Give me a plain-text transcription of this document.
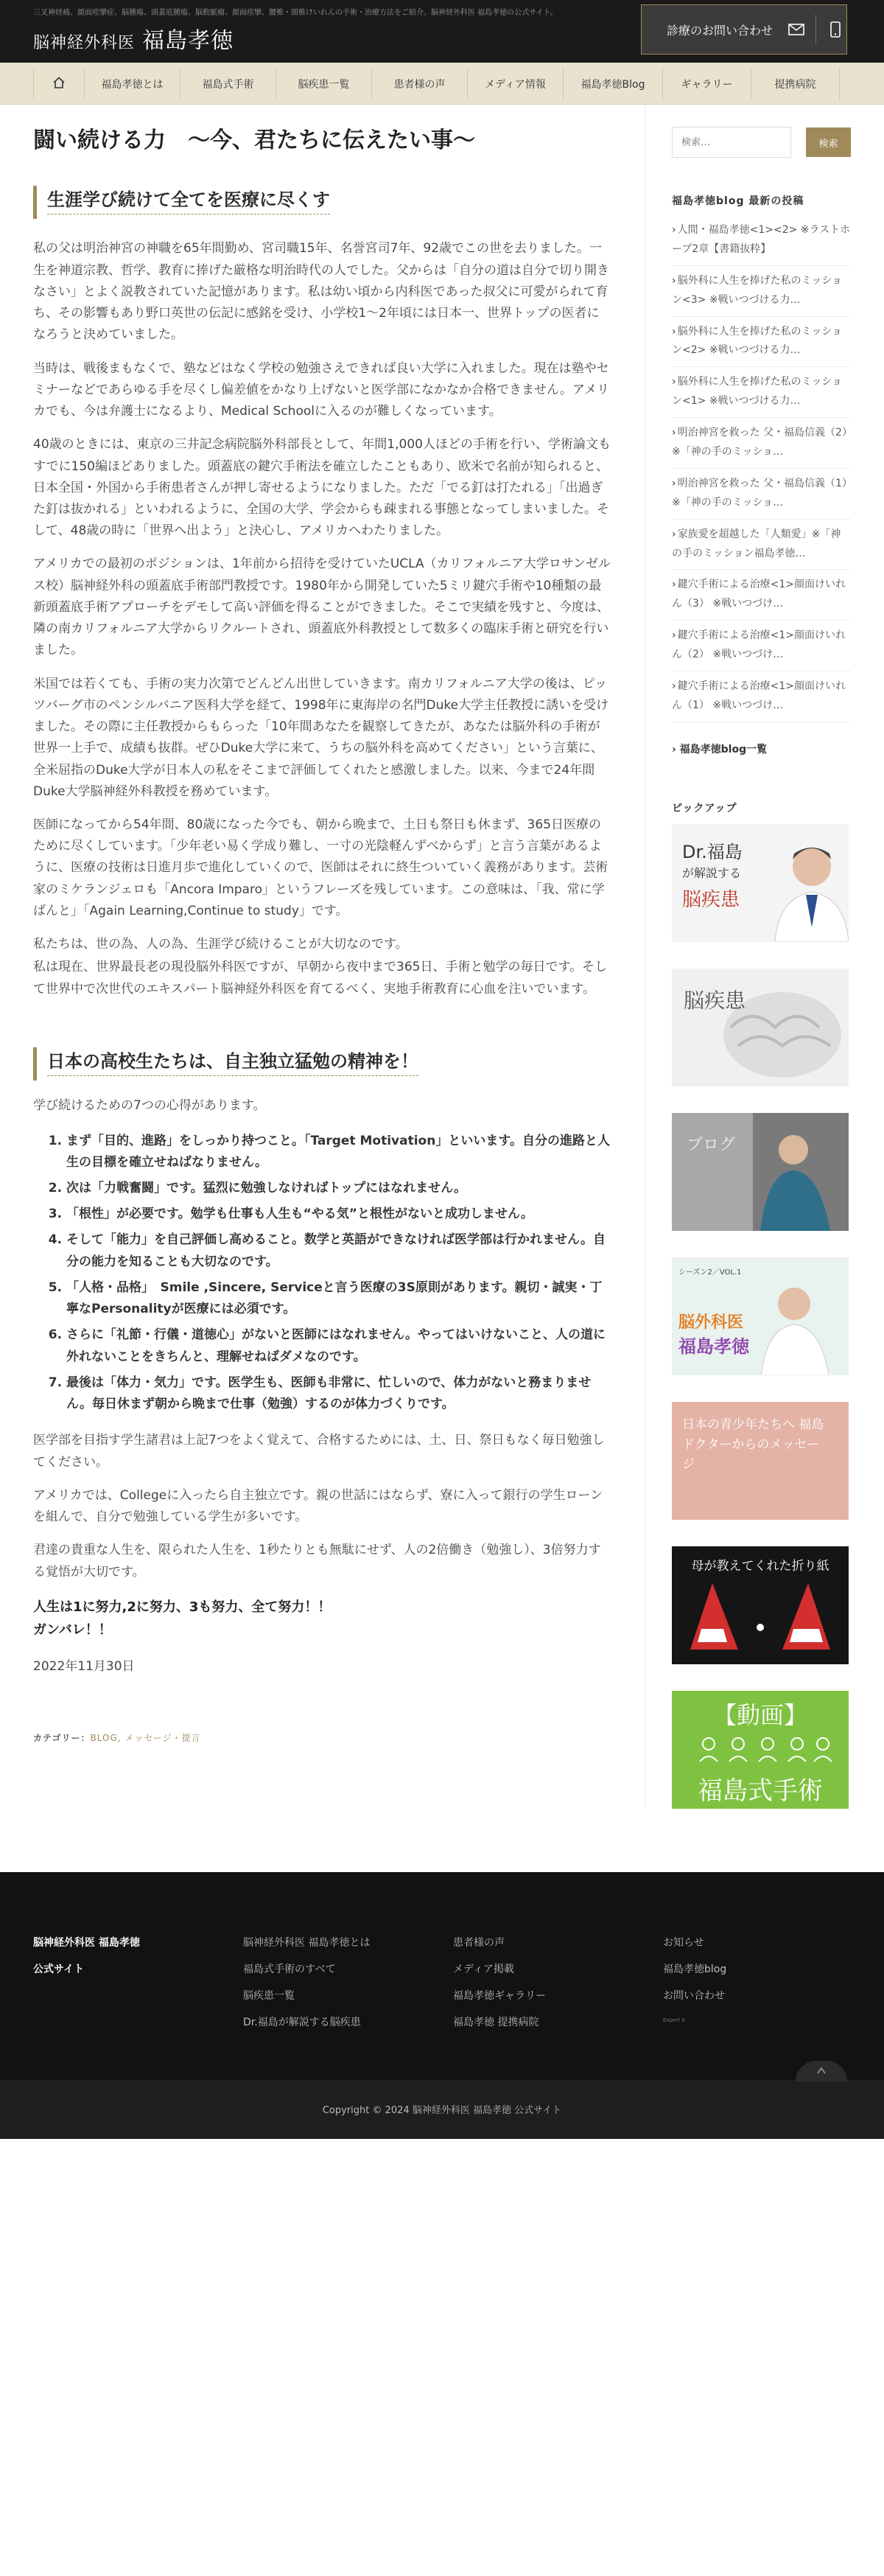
三叉神経痛、顔面痙攣症、脳腫瘍、頭蓋底腫瘍、脳動脈瘤、顔面痙攣、腰椎・頸椎けいれんの手術・治療方法をご紹介。脳神経外科医 福島孝徳の公式サイト。
脳神経外科医 福島孝徳	診療のお問い合わせ
福島孝徳とは	福島式手術	脳疾患一覧	患者様の声	メディア情報	福島孝徳Blog	ギャラリー	提携病院
闘い続ける力　～今、君たちに伝えたい事～
生涯学び続けて全てを医療に尽くす

私の父は明治神宮の神職を65年間勤め、宮司職15年、名誉宮司7年、92歳でこの世を去りました。一生を神道宗教、哲学、教育に捧げた厳格な明治時代の人でした。父からは「自分の道は自分で切り開きなさい」とよく説教されていた記憶があります。私は幼い頃から内科医であった叔父に可愛がられて育ち、その影響もあり野口英世の伝記に感銘を受け、小学校1～2年頃には日本一、世界トップの医者になろうと決めていました。

当時は、戦後まもなくで、塾などはなく学校の勉強さえできれば良い大学に入れました。現在は塾やセミナーなどであらゆる手を尽くし偏差値をかなり上げないと医学部になかなか合格できません。アメリカでも、今は弁護士になるより、Medical Schoolに入るのが難しくなっています。

40歳のときには、東京の三井記念病院脳外科部長として、年間1,000人ほどの手術を行い、学術論文もすでに150編ほどありました。頭蓋底の鍵穴手術法を確立したこともあり、欧米で名前が知られると、日本全国・外国から手術患者さんが押し寄せるようになりました。ただ「でる釘は打たれる」「出過ぎた釘は抜かれる」といわれるように、全国の大学、学会からも疎まれる事態となってしまいました。そして、48歳の時に「世界へ出よう」と決心し、アメリカへわたりました。

アメリカでの最初のポジションは、1年前から招待を受けていたUCLA（カリフォルニア大学ロサンゼルス校）脳神経外科の頭蓋底手術部門教授です。1980年から開発していた5ミリ鍵穴手術や10種類の最新頭蓋底手術アプローチをデモして高い評価を得ることができました。そこで実績を残すと、今度は、隣の南カリフォルニア大学からリクルートされ、頭蓋底外科教授として数多くの臨床手術と研究を行いました。

米国では若くても、手術の実力次第でどんどん出世していきます。南カリフォルニア大学の後は、ピッツバーグ市のペンシルバニア医科大学を経て、1998年に東海岸の名門Duke大学主任教授に誘いを受けました。その際に主任教授からもらった「10年間あなたを観察してきたが、あなたは脳外科の手術が世界一上手で、成績も抜群。ぜひDuke大学に来て、うちの脳外科を高めてください」という言葉に、全米屈指のDuke大学が日本人の私をそこまで評価してくれたと感激しました。以来、今まで24年間Duke大学脳神経外科教授を務めています。

医師になってから54年間、80歳になった今でも、朝から晩まで、土日も祭日も休まず、365日医療のために尽くしています。「少年老い易く学成り難し、一寸の光陰軽んずべからず」と言う言葉があるように、医療の技術は日進月歩で進化していくので、医師はそれに終生ついていく義務があります。芸術家のミケランジェロも「Ancora Imparo」というフレーズを残しています。この意味は、「我、常に学ばんと」「Again Learning,Continue to study」です。

私たちは、世の為、人の為、生涯学び続けることが大切なのです。

私は現在、世界最長老の現役脳外科医ですが、早朝から夜中まで365日、手術と勉学の毎日です。そして世界中で次世代のエキスパート脳神経外科医を育てるべく、実地手術教育に心血を注いでいます。

日本の高校生たちは、自主独立猛勉の精神を！

学び続けるための7つの心得があります。

1. まず「目的、進路」をしっかり持つこと。「Target Motivation」といいます。自分の進路と人生の目標を確立せねばなりません。
2. 次は「力戦奮闘」です。猛烈に勉強しなければトップにはなれません。
3. 「根性」が必要です。勉学も仕事も人生も“やる気”と根性がないと成功しません。
4. そして「能力」を自己評価し高めること。数学と英語ができなければ医学部は行かれません。自分の能力を知ることも大切なのです。
5. 「人格・品格」　Smile ,Sincere, Serviceと言う医療の3S原則があります。親切・誠実・丁寧なPersonalityが医療には必須です。
6. さらに「礼節・行儀・道徳心」がないと医師にはなれません。やってはいけないこと、人の道に外れないことをきちんと、理解せねばダメなのです。
7. 最後は「体力・気力」です。医学生も、医師も非常に、忙しいので、体力がないと務まりません。毎日休まず朝から晩まで仕事（勉強）するのが体力づくりです。

医学部を目指す学生諸君は上記7つをよく覚えて、合格するためには、土、日、祭日もなく毎日勉強してください。

アメリカでは、Collegeに入ったら自主独立です。親の世話にはならず、寮に入って銀行の学生ローンを組んで、自分で勉強している学生が多いです。

君達の貴重な人生を、限られた人生を、1秒たりとも無駄にせず、人の2倍働き（勉強し）、3倍努力する覚悟が大切です。

人生は1に努力,2に努力、3も努力、全て努力！！

ガンバレ！！

2022年11月30日

カテゴリー：BLOG, メッセージ・提言

検索…
検索
福島孝徳blog 最新の投稿
› 人間・福島孝徳<1><2> ※ラストホープ2章【書籍抜粋】
› 脳外科に人生を捧げた私のミッション<3> ※戦いつづける力…
› 脳外科に人生を捧げた私のミッション<2> ※戦いつづける力…
› 脳外科に人生を捧げた私のミッション<1> ※戦いつづける力…
› 明治神宮を救った 父・福島信義（2）※「神の手のミッショ…
› 明治神宮を救った 父・福島信義（1）※「神の手のミッショ…
› 家族愛を超越した「人類愛」※「神の手のミッション福島孝徳…
› 鍵穴手術による治療<1>顔面けいれん（3） ※戦いつづけ…
› 鍵穴手術による治療<1>顔面けいれん（2） ※戦いつづけ…
› 鍵穴手術による治療<1>顔面けいれん（1） ※戦いつづけ…
› 福島孝徳blog一覧
ピックアップ
Dr.福島
が解説する
脳疾患
脳疾患
ブログ
シーズン2／VOL.1
脳外科医
福島孝徳
日本の青少年たちへ 福島ドクターからのメッセージ
母が教えてくれた折り紙
【動画】
福島式手術
脳神経外科医 福島孝徳
公式サイト
脳神経外科医 福島孝徳とは
福島式手術のすべて
脳疾患一覧
Dr.福島が解説する脳疾患
患者様の声
メディア掲載
福島孝徳ギャラリー
福島孝徳 提携病院
お知らせ
福島孝徳blog
お問い合わせ
Expert X
Copyright © 2024 脳神経外科医 福島孝徳 公式サイト
